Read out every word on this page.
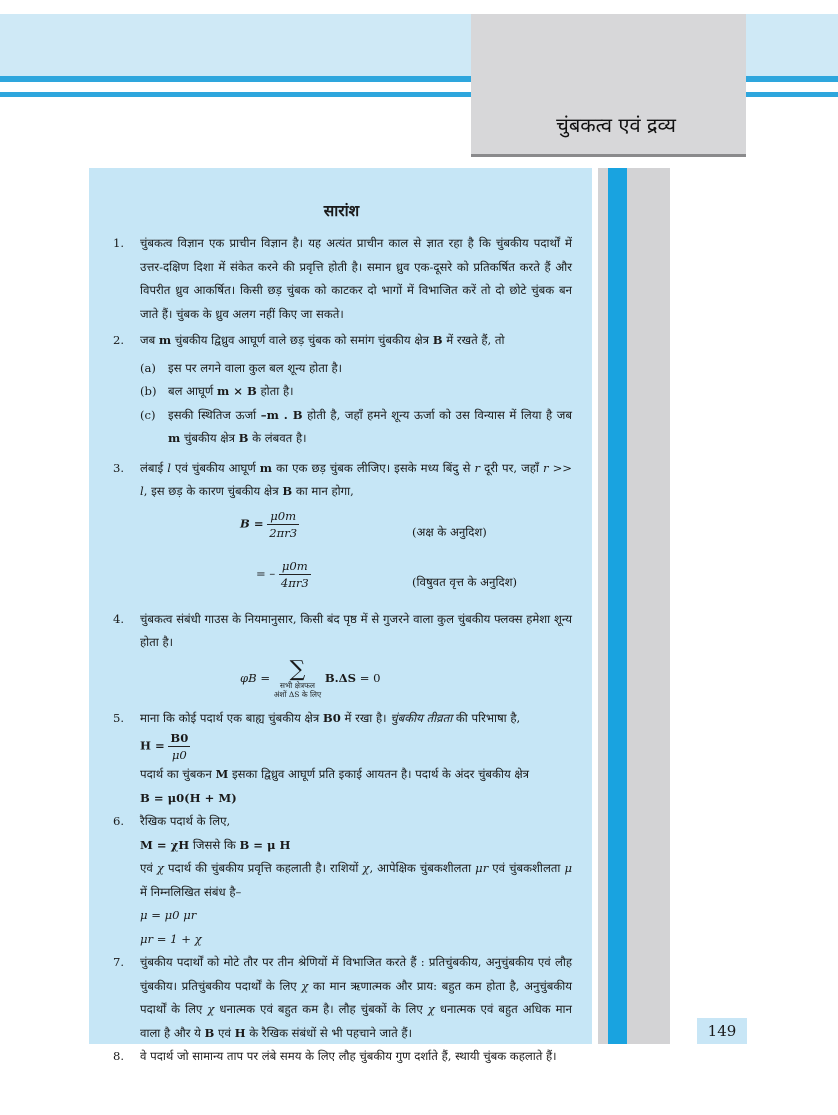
चुंबकत्व एवं द्रव्य
सारांश
1. चुंबकत्व विज्ञान एक प्राचीन विज्ञान है। यह अत्यंत प्राचीन काल से ज्ञात रहा है कि चुंबकीय पदार्थों में उत्तर-दक्षिण दिशा में संकेत करने की प्रवृत्ति होती है। समान ध्रुव एक-दूसरे को प्रतिकर्षित करते हैं और विपरीत ध्रुव आकर्षित। किसी छड़ चुंबक को काटकर दो भागों में विभाजित करें तो दो छोटे चुंबक बन जाते हैं। चुंबक के ध्रुव अलग नहीं किए जा सकते।
2. जब m चुंबकीय द्विध्रुव आघूर्ण वाले छड़ चुंबक को समांग चुंबकीय क्षेत्र B में रखते हैं, तो
(a) इस पर लगने वाला कुल बल शून्य होता है।
(b) बल आघूर्ण m × B होता है।
(c) इसकी स्थितिज ऊर्जा –m . B होती है, जहाँ हमने शून्य ऊर्जा को उस विन्यास में लिया है जब m चुंबकीय क्षेत्र B के लंबवत है।
3. लंबाई l एवं चुंबकीय आघूर्ण m का एक छड़ चुंबक लीजिए। इसके मध्य बिंदु से r दूरी पर, जहाँ r >> l, इस छड़ के कारण चुंबकीय क्षेत्र B का मान होगा,
$B = \frac{\mu 0m}{2\pi r3}$	(अक्ष के अनुदिश)
= – $\frac{\mu 0m}{4\pi r3}$	(विषुवत वृत्त के अनुदिश)
4. चुंबकत्व संबंधी गाउस के नियमानुसार, किसी बंद पृष्ठ में से गुजरने वाला कुल चुंबकीय फ्लक्स हमेशा शून्य होता है।
φB = ∑
सभी क्षेत्रफल
अंशों ΔS के लिए
B.ΔS = 0
5. माना कि कोई पदार्थ एक बाह्य चुंबकीय क्षेत्र B0 में रखा है। चुंबकीय तीव्रता की परिभाषा है,
$H = \frac{B0}{\mu 0}$
पदार्थ का चुंबकन M इसका द्विध्रुव आघूर्ण प्रति इकाई आयतन है। पदार्थ के अंदर चुंबकीय क्षेत्र
B = μ0(H + M)
6. रैखिक पदार्थ के लिए,
M = χH जिससे कि B = μ H
एवं χ पदार्थ की चुंबकीय प्रवृत्ति कहलाती है। राशियों χ, आपेक्षिक चुंबकशीलता μr एवं चुंबकशीलता μ में निम्नलिखित संबंध है–
μ = μ0 μr
μr = 1 + χ
7. चुंबकीय पदार्थों को मोटे तौर पर तीन श्रेणियों में विभाजित करते हैं : प्रतिचुंबकीय, अनुचुंबकीय एवं लौह चुंबकीय। प्रतिचुंबकीय पदार्थों के लिए χ का मान ऋणात्मक और प्राय: बहुत कम होता है, अनुचुंबकीय पदार्थों के लिए χ धनात्मक एवं बहुत कम है। लौह चुंबकों के लिए χ धनात्मक एवं बहुत अधिक मान वाला है और ये B एवं H के रैखिक संबंधों से भी पहचाने जाते हैं।
8. वे पदार्थ जो सामान्य ताप पर लंबे समय के लिए लौह चुंबकीय गुण दर्शाते हैं, स्थायी चुंबक कहलाते हैं।
149
